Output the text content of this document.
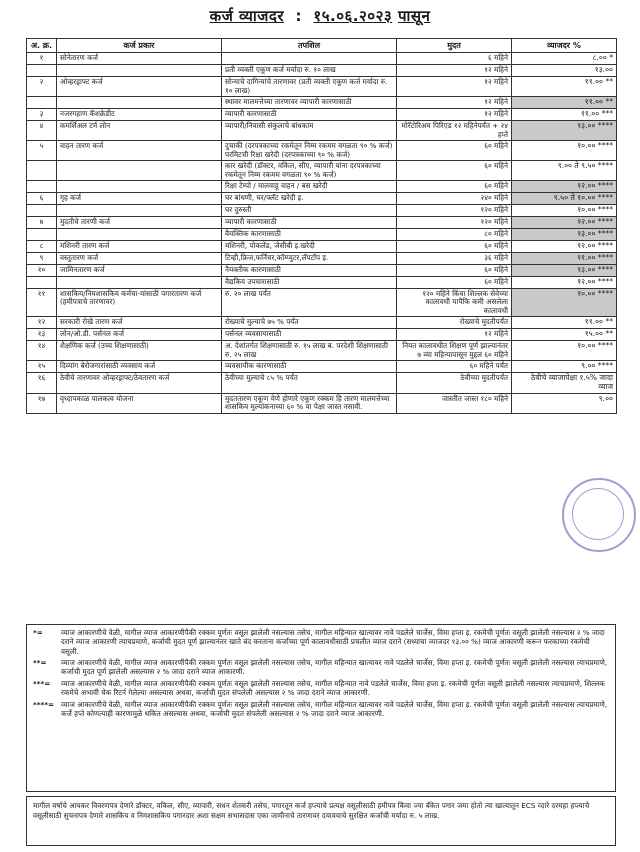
कर्ज व्याजदर : १५.०६.२०२३ पासून
अ. क्र.	कर्ज प्रकार	तपशिल	मुदत	व्याजदर %
१	सोनेतारण कर्ज		६ महिने	८.०० *
		प्रती व्यक्ती एकूण कर्ज मर्यादा रु. १० लाख	१२ महिने	१३.००
२	ओव्हरड्राफ्ट कर्ज	सोन्याचे दागिन्यांचे तारणावर (प्रती व्यक्ती एकूण कर्ज मर्यादा रु. १० लाख)	१२ महिने	११.०० **
		स्थावर मालमत्तेच्या तारणावर व्यापारी कारणासाठी	१२ महिने	११.०० **
३	नजरगहाण कॅशक्रेडीट	व्यापारी कारणासाठी	१२ महिने	११.०० ***
४	कमर्शिअल टर्म लोन	व्यापारी/निवासी संकुलाचे बांधकाम	मोरॅटोरिअम पिरिएड १२ महिनेपर्यंत + २४ हप्ते	१३.०० ****
५	वाहन तारण कर्ज	दुचाकी (दरपत्रकाच्या रकमेतून निम्म रकमम वगळता ९० % कर्ज) परमिटची रिक्षा खरेदी (दरपत्रकाच्या ९० % कर्ज)	६० महिने	१०.०० ****
		कार खरेदी (डॉक्टर, वकिल, सीए, व्यापारी यांना दरपत्रकाच्या रकमेतून निम्म रकमम वगळता ९० % कर्ज)	६० महिने	९.०० ते ९.५० ****
		रिक्षा टेम्पो / मालवाहू वाहन / बस खरेदी	६० महिने	१२.०० ****
६	गृह कर्ज	घर बांधणी, घर/फ्लॅट खरेदी इ.	२४० महिने	९.५० ते १०.०० ****
		घर दुरुस्ती	१२० महिने	१०.०० ****
७	मुदतीचे तारणी कर्ज	व्यापारी कारणासाठी	१२० महिने	१२.०० ****
		वैयक्तिक कारणासाठी	८० महिने	१३.०० ****
८	मशिनरी तारण कर्ज	मशिनरी, पोकलेंड, जेसीबी इ.खरेदी	६० महिने	१२.०० ****
९	वस्तुतारण कर्ज	टिव्ही,फ्रिज,फर्निचर,कॉम्प्युटर,लॅपटॉप इ.	३६ महिने	११.०० ****
१०	जामिनतारण कर्ज	नैयक्तीक कारणासाठी	६० महिने	१३.०० ****
		वैद्यकिय उपचारासाठी	६० महिने	१२.०० ****
११	शासकिय/निमशासकिय कर्मचा-यांसाठी पगारतारण कर्ज (हमीपत्राचे तारणावर)	रु. २० लाख पर्यंत	१२० महिने किंवा शिल्लक सेवेच्या कालावधी यापैकि कमी असलेला कालावधी	१०.०० ****
१२	सरकारी रोखे तारण कर्ज	रोख्याचे मुल्याचे ७५ % पर्यंत	रोख्याचे मुदतीपर्यंत	११.०० **
१३	लोन/ओ.डी. पर्सनल कर्ज	पर्सनल व्यवसायासाठी	१२ महिने	१५.०० **
१४	शैक्षणिक कर्ज (उच्च शिक्षणासाठी)	अ. देशांतर्गत शिक्षणासाठी रु. १५ लाख ब. परदेशी शिक्षणासाठी रु. २५ लाख	नियत कालावधीत शिक्षण पूर्ण झाल्यानंतर ७ व्या महिन्यापासून मुद्दल ६० महिने	१०.०० ****
१५	दिव्यांग बेरोजगारांसाठी व्यवसाय कर्ज	व्यवसायीक कारणासाठी	६० महिने पर्यंत	९.०० ****
१६	ठेवीचे तारणावर ओव्हरड्राफ्ट/ठेवतारण कर्ज	ठेवीच्या मुल्याचे ८५ % पर्यंत	ठेवीच्या मुदतीपर्यंत	ठेवीचे व्याजापेक्षा १.५% जादा व्याज
१७	वृध्दापकाळ पालकत्व योजना	मुदततारण एकूण येणे होणारे एकूण रक्कम हि तारण मालमत्तेच्या शासकिय मुल्यांकनाच्या ६० % या पेक्षा जास्त नसावी.	जास्तीत जास्त १८० महिने	९.००
*=	व्याज आकारणीचे वेळी, मागील व्याज आकारणीपैकी रक्कम पूर्णतः वसूल झालेली नसल्यास तसेच, मागील महिन्यात खात्यावर नावे पडलेले चार्जेस, विमा हप्ता इ. रकमेची पूर्णतः वसूली झालेली नसल्यास २ % जादा दराने व्याज आकारणी त्याचप्रमाणे, कर्जाची मुदत पूर्ण झाल्यानंतर खाते बंद करताना कर्जाच्या पूर्ण कालावधीसाठी प्रचलीत व्याज दराने (सध्याचा व्याजदर १३.०० %) व्याज आकारणी करून फरकाच्या रकमेची वसूली.
**=	व्याज आकारणीचे वेळी, मागील व्याज आकारणीपैकी रक्कम पूर्णतः वसूल झालेली नसल्यास तसेच, मागील महिन्यात खात्यावर नावे पडलेले चार्जेस, विमा हप्ता इ. रकमेची पूर्णतः वसूली झालेली नसल्यास त्याचप्रमाणे, कर्जाची मुदत पूर्ण झालेली असल्यास २ % जादा दराने व्याज आकारणी.
***=	व्याज आकारणीचे वेळी, मागील व्याज आकारणीपैकी रक्कम पूर्णतः वसूल झालेली नसल्यास तसेच, मागील महिन्यात नावे पडलेले चार्जेस, विमा हप्ता इ. रकमेची पूर्णतः वसूली झालेली नसल्यास त्याचप्रमाणे, शिल्लक रकमेचे अभावी चेक रिटर्न गेलेल्या असल्यास अथवा, कर्जाची मुदत संपलेली असल्यास २ % जादा दराने व्याज आकारणी.
****= व्याज आकारणीचे वेळी, मागील व्याज आकारणीपैकी रक्कम पूर्णतः वसूल झालेली नसल्यास तसेच, मागील महिन्यात खात्यावर नावे पडलेले चार्जेस, विमा हप्ता इ. रकमेची पूर्णतः वसूली झालेली नसल्यास त्याचप्रमाणे, कर्जे हप्ते कोणत्याही कारणामुळे थकित असल्यास अथवा, कर्जाची मुदत संपलेली असल्यास २ % जादा दराने व्याज आकारणी.
मागील वर्षाचे आयकर विवरणपत्र देणारे डॉक्टर, वकिल, सीए, व्यापारी, सधन शेतकरी तसेच, पगारतून कर्ज हप्त्याचे प्रत्यक्ष वसूलीसाठी हमीपत्र किंवा ज्या बँकेत पगार जमा होतो त्या खात्यातून ECS व्दारे दरमहा हप्त्याचे वसूलीसाठी सुचनापत्र देणारे शासकिय व निमशासकिय पगारदार अशा सक्षम सभासदास एका जामीनाचे तारणावर दयावयाचे सुरक्षित कर्जाची मर्यादा रु. ५ लाख.
